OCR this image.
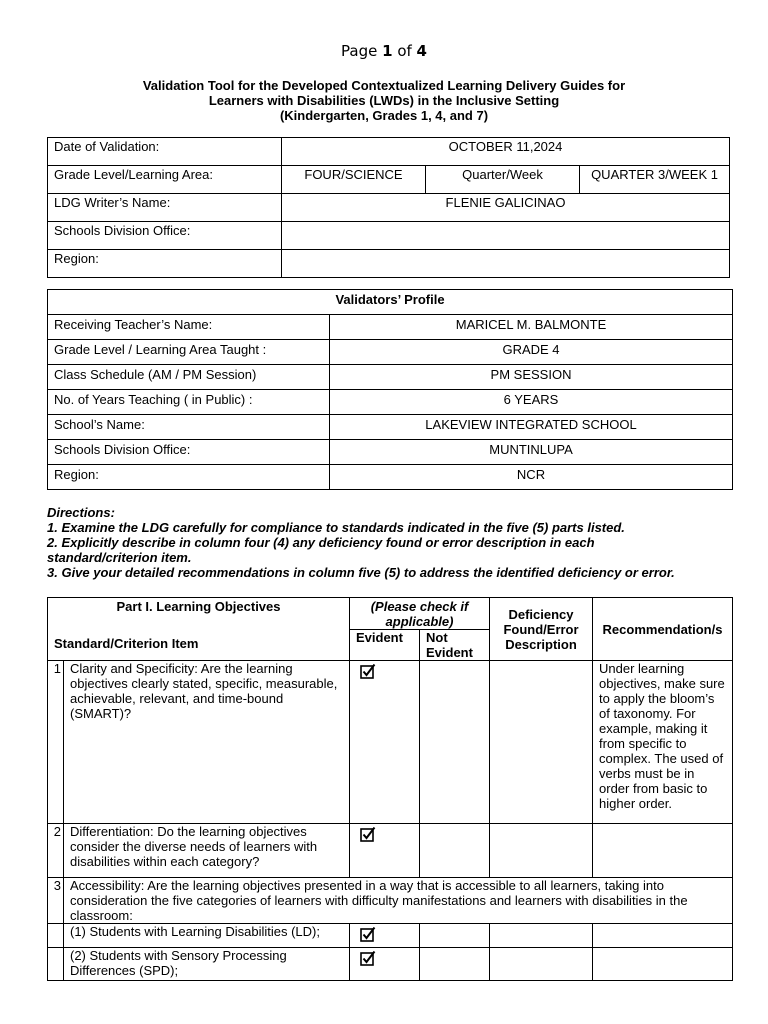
Page 1 of 4
Validation Tool for the Developed Contextualized Learning Delivery Guides for
Learners with Disabilities (LWDs) in the Inclusive Setting
(Kindergarten, Grades 1, 4, and 7)
Date of Validation:	OCTOBER 11,2024		
Grade Level/Learning Area:	FOUR/SCIENCE	Quarter/Week	QUARTER 3/WEEK 1
LDG Writer’s Name:	FLENIE GALICINAO		
Schools Division Office:			
Region:			
Validators’ Profile	
Receiving Teacher’s Name:	MARICEL M. BALMONTE
Grade Level / Learning Area Taught :	GRADE 4
Class Schedule (AM / PM Session)	PM SESSION
No. of Years Teaching ( in Public) :	6 YEARS
School’s Name:	LAKEVIEW INTEGRATED SCHOOL
Schools Division Office:	MUNTINLUPA
Region:	NCR
Directions:
1. Examine the LDG carefully for compliance to standards indicated in the five (5) parts listed.
2. Explicitly describe in column four (4) any deficiency found or error description in each
standard/criterion item.
3. Give your detailed recommendations in column five (5) to address the identified deficiency or error.
Part I. Learning Objectives
Standard/Criterion Item		(Please check if applicable)		Deficiency Found/Error Description	Recommendation/s
		Evident	Not Evident		
1	Clarity and Specificity: Are the learning objectives clearly stated, specific, measurable, achievable, relevant, and time-bound (SMART)?				Under learning objectives, make sure to apply the bloom’s of taxonomy. For example, making it from specific to complex. The used of verbs must be in order from basic to higher order.
2	Differentiation: Do the learning objectives consider the diverse needs of learners with disabilities within each category?				
3	Accessibility: Are the learning objectives presented in a way that is accessible to all learners, taking into consideration the five categories of learners with difficulty manifestations and learners with disabilities in the classroom:				
	(1) Students with Learning Disabilities (LD);				
	(2) Students with Sensory Processing Differences (SPD);				
